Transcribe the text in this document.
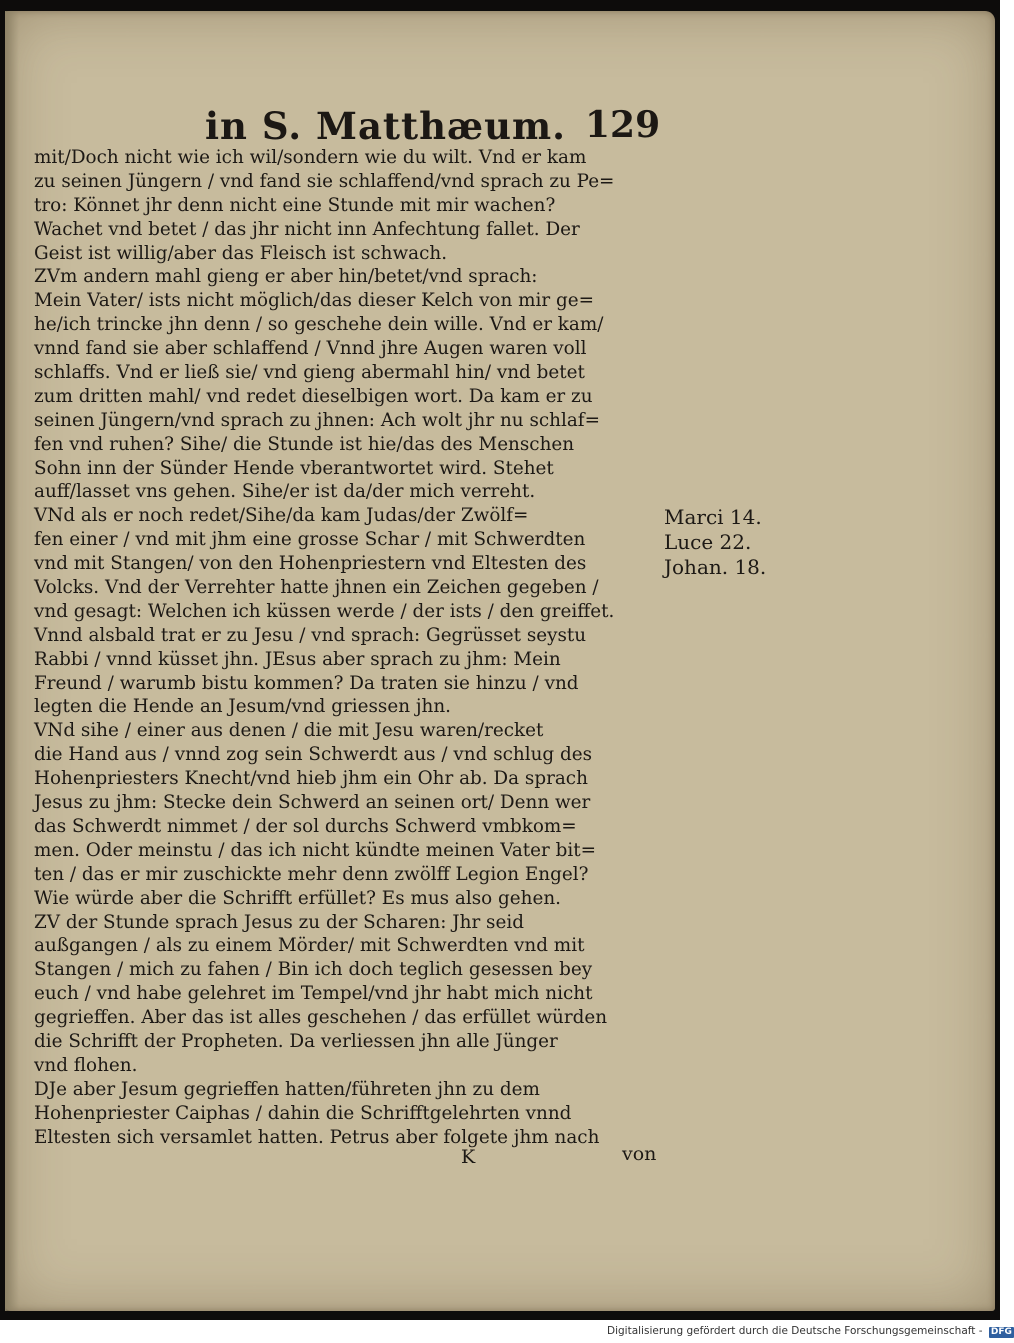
in S. Matthæum. 129
mit/Doch nicht wie ich wil/sondern wie du wilt. Vnd er kam
zu seinen Jüngern / vnd fand sie schlaffend/vnd sprach zu Pe=
tro: Könnet jhr denn nicht eine Stunde mit mir wachen?
Wachet vnd betet / das jhr nicht inn Anfechtung fallet. Der
Geist ist willig/aber das Fleisch ist schwach.
ZVm andern mahl gieng er aber hin/betet/vnd sprach:
Mein Vater/ ists nicht möglich/das dieser Kelch von mir ge=
he/ich trincke jhn denn / so geschehe dein wille. Vnd er kam/
vnnd fand sie aber schlaffend / Vnnd jhre Augen waren voll
schlaffs. Vnd er ließ sie/ vnd gieng abermahl hin/ vnd betet
zum dritten mahl/ vnd redet dieselbigen wort. Da kam er zu
seinen Jüngern/vnd sprach zu jhnen: Ach wolt jhr nu schlaf=
fen vnd ruhen? Sihe/ die Stunde ist hie/das des Menschen
Sohn inn der Sünder Hende vberantwortet wird. Stehet
auff/lasset vns gehen. Sihe/er ist da/der mich verreht.
VNd als er noch redet/Sihe/da kam Judas/der Zwölf=
fen einer / vnd mit jhm eine grosse Schar / mit Schwerdten
vnd mit Stangen/ von den Hohenpriestern vnd Eltesten des
Volcks. Vnd der Verrehter hatte jhnen ein Zeichen gegeben /
vnd gesagt: Welchen ich küssen werde / der ists / den greiffet.
Vnnd alsbald trat er zu Jesu / vnd sprach: Gegrüsset seystu
Rabbi / vnnd küsset jhn. JEsus aber sprach zu jhm: Mein
Freund / warumb bistu kommen? Da traten sie hinzu / vnd
legten die Hende an Jesum/vnd griessen jhn.
VNd sihe / einer aus denen / die mit Jesu waren/recket
die Hand aus / vnnd zog sein Schwerdt aus / vnd schlug des
Hohenpriesters Knecht/vnd hieb jhm ein Ohr ab. Da sprach
Jesus zu jhm: Stecke dein Schwerd an seinen ort/ Denn wer
das Schwerdt nimmet / der sol durchs Schwerd vmbkom=
men. Oder meinstu / das ich nicht kündte meinen Vater bit=
ten / das er mir zuschickte mehr denn zwölff Legion Engel?
Wie würde aber die Schrifft erfüllet? Es mus also gehen.
ZV der Stunde sprach Jesus zu der Scharen: Jhr seid
außgangen / als zu einem Mörder/ mit Schwerdten vnd mit
Stangen / mich zu fahen / Bin ich doch teglich gesessen bey
euch / vnd habe gelehret im Tempel/vnd jhr habt mich nicht
gegrieffen. Aber das ist alles geschehen / das erfüllet würden
die Schrifft der Propheten. Da verliessen jhn alle Jünger
vnd flohen.
DJe aber Jesum gegrieffen hatten/führeten jhn zu dem
Hohenpriester Caiphas / dahin die Schrifftgelehrten vnnd
Eltesten sich versamlet hatten. Petrus aber folgete jhm nach
Marci 14.
Luce 22.
Johan. 18.
K	von
Digitalisierung gefördert durch die Deutsche Forschungsgemeinschaft - DFG
